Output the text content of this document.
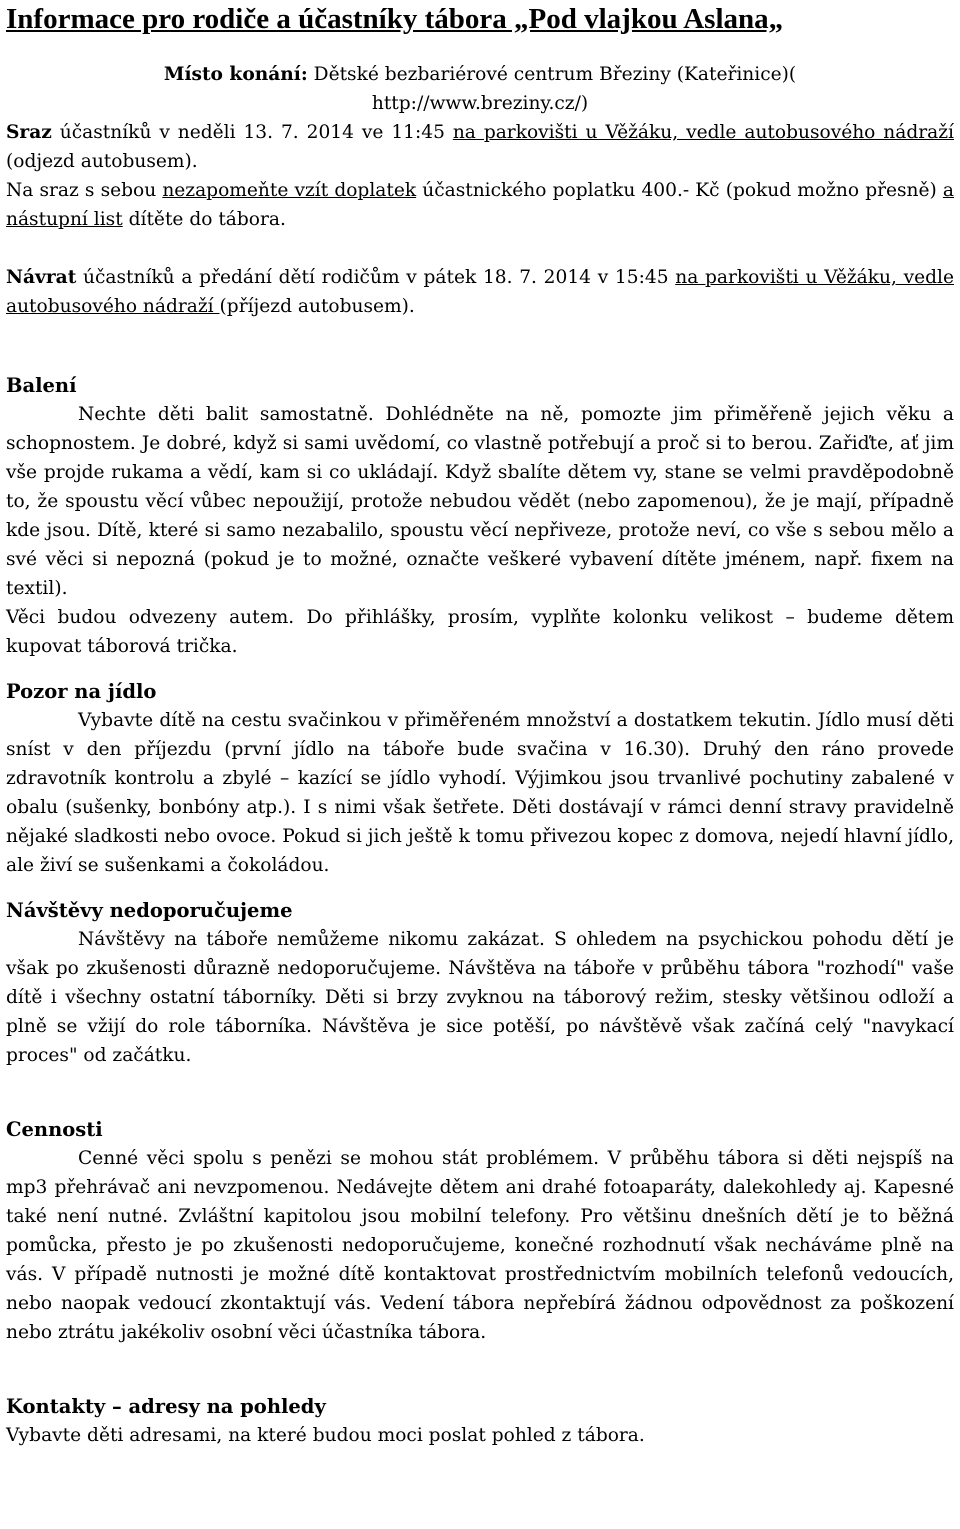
Informace pro rodiče a účastníky tábora „Pod vlajkou Aslana„
Místo konání: Dětské bezbariérové centrum Březiny (Kateřinice)(
http://www.breziny.cz/)

Sraz účastníků v neděli 13. 7. 2014 ve 11:45 na parkovišti u Věžáku, vedle autobusového nádraží (odjezd autobusem).
Na sraz s sebou nezapomeňte vzít doplatek účastnického poplatku 400.- Kč (pokud možno přesně) a nástupní list dítěte do tábora.

Návrat účastníků a předání dětí rodičům v pátek 18. 7. 2014 v 15:45 na parkovišti u Věžáku, vedle autobusového nádraží (příjezd autobusem).

Balení

Nechte děti balit samostatně. Dohlédněte na ně, pomozte jim přiměřeně jejich věku a schopnostem. Je dobré, když si sami uvědomí, co vlastně potřebují a proč si to berou. Zařiďte, ať jim vše projde rukama a vědí, kam si co ukládají. Když sbalíte dětem vy, stane se velmi pravděpodobně to, že spoustu věcí vůbec nepoužijí, protože nebudou vědět (nebo zapomenou), že je mají, případně kde jsou. Dítě, které si samo nezabalilo, spoustu věcí nepřiveze, protože neví, co vše s sebou mělo a své věci si nepozná (pokud je to možné, označte veškeré vybavení dítěte jménem, např. fixem na textil).

Věci budou odvezeny autem. Do přihlášky, prosím, vyplňte kolonku velikost – budeme dětem kupovat táborová trička.

Pozor na jídlo

Vybavte dítě na cestu svačinkou v přiměřeném množství a dostatkem tekutin. Jídlo musí děti sníst v den příjezdu (první jídlo na táboře bude svačina v 16.30). Druhý den ráno provede zdravotník kontrolu a zbylé – kazící se jídlo vyhodí. Výjimkou jsou trvanlivé pochutiny zabalené v obalu (sušenky, bonbóny atp.). I s nimi však šetřete. Děti dostávají v rámci denní stravy pravidelně nějaké sladkosti nebo ovoce. Pokud si jich ještě k tomu přivezou kopec z domova, nejedí hlavní jídlo, ale živí se sušenkami a čokoládou.

Návštěvy nedoporučujeme

Návštěvy na táboře nemůžeme nikomu zakázat. S ohledem na psychickou pohodu dětí je však po zkušenosti důrazně nedoporučujeme. Návštěva na táboře v průběhu tábora "rozhodí" vaše dítě i všechny ostatní táborníky. Děti si brzy zvyknou na táborový režim, stesky většinou odloží a plně se vžijí do role táborníka. Návštěva je sice potěší, po návštěvě však začíná celý "navykací proces" od začátku.

Cennosti

Cenné věci spolu s penězi se mohou stát problémem. V průběhu tábora si děti nejspíš na mp3 přehrávač ani nevzpomenou. Nedávejte dětem ani drahé fotoaparáty, dalekohledy aj. Kapesné také není nutné. Zvláštní kapitolou jsou mobilní telefony. Pro většinu dnešních dětí je to běžná pomůcka, přesto je po zkušenosti nedoporučujeme, konečné rozhodnutí však necháváme plně na vás. V případě nutnosti je možné dítě kontaktovat prostřednictvím mobilních telefonů vedoucích, nebo naopak vedoucí zkontaktují vás. Vedení tábora nepřebírá žádnou odpovědnost za poškození nebo ztrátu jakékoliv osobní věci účastníka tábora.

Kontakty – adresy na pohledy

Vybavte děti adresami, na které budou moci poslat pohled z tábora.
